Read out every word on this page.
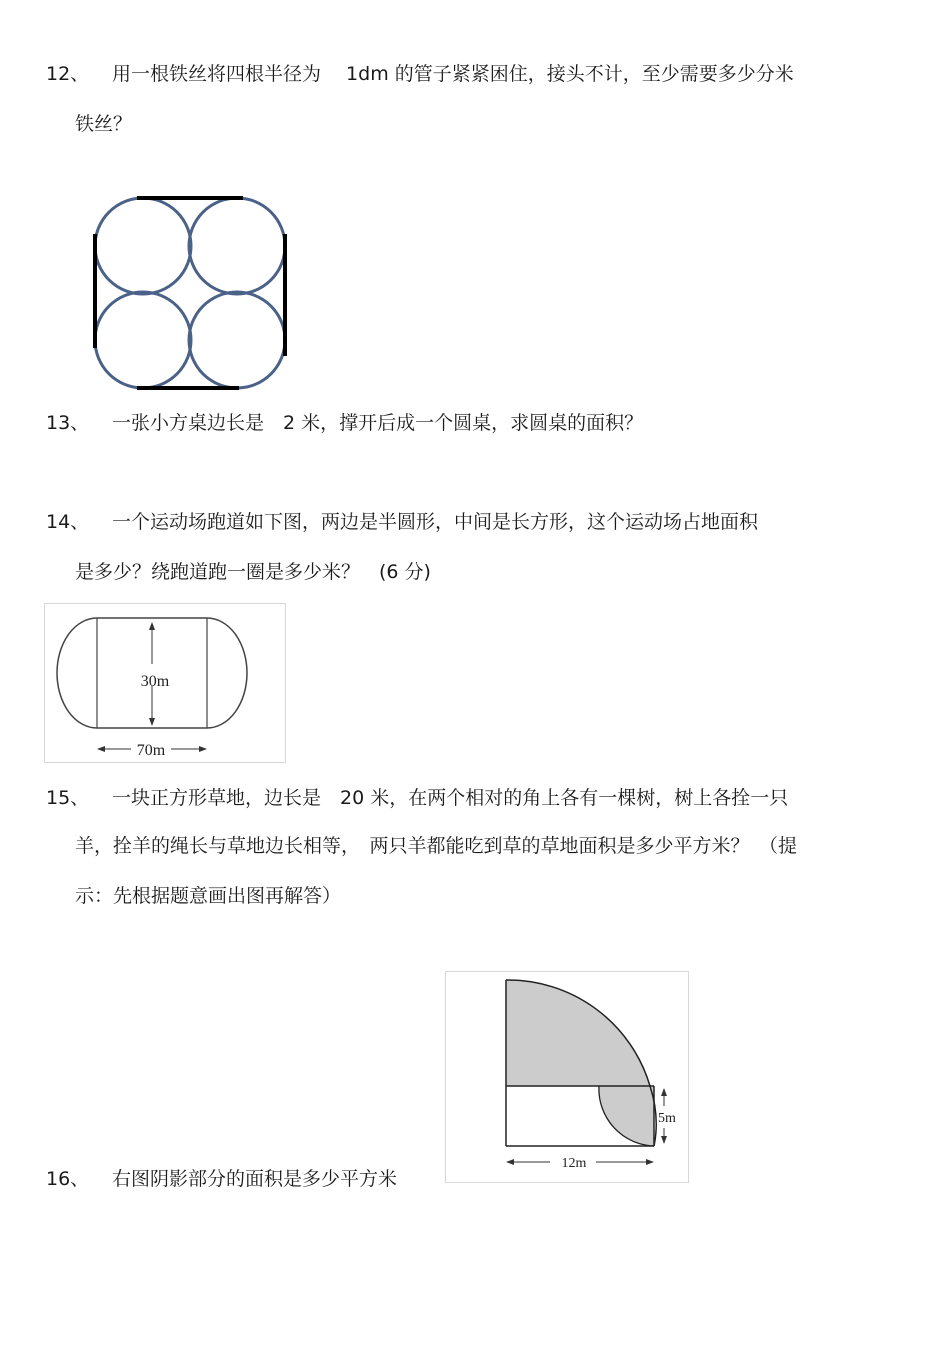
12、 用一根铁丝将四根半径为　 1dm 的管子紧紧困住，接头不计，至少需要多少分米
铁丝？
13、 一张小方桌边长是　2 米，撑开后成一个圆桌，求圆桌的面积？
14、 一个运动场跑道如下图，两边是半圆形，中间是长方形，这个运动场占地面积
是多少？绕跑道跑一圈是多少米？　(6 分)
30m
70m
15、 一块正方形草地，边长是　20 米，在两个相对的角上各有一棵树，树上各拴一只
羊，拴羊的绳长与草地边长相等，　两只羊都能吃到草的草地面积是多少平方米？　（提
示：先根据题意画出图再解答）
16、 右图阴影部分的面积是多少平方米
5m
12m
